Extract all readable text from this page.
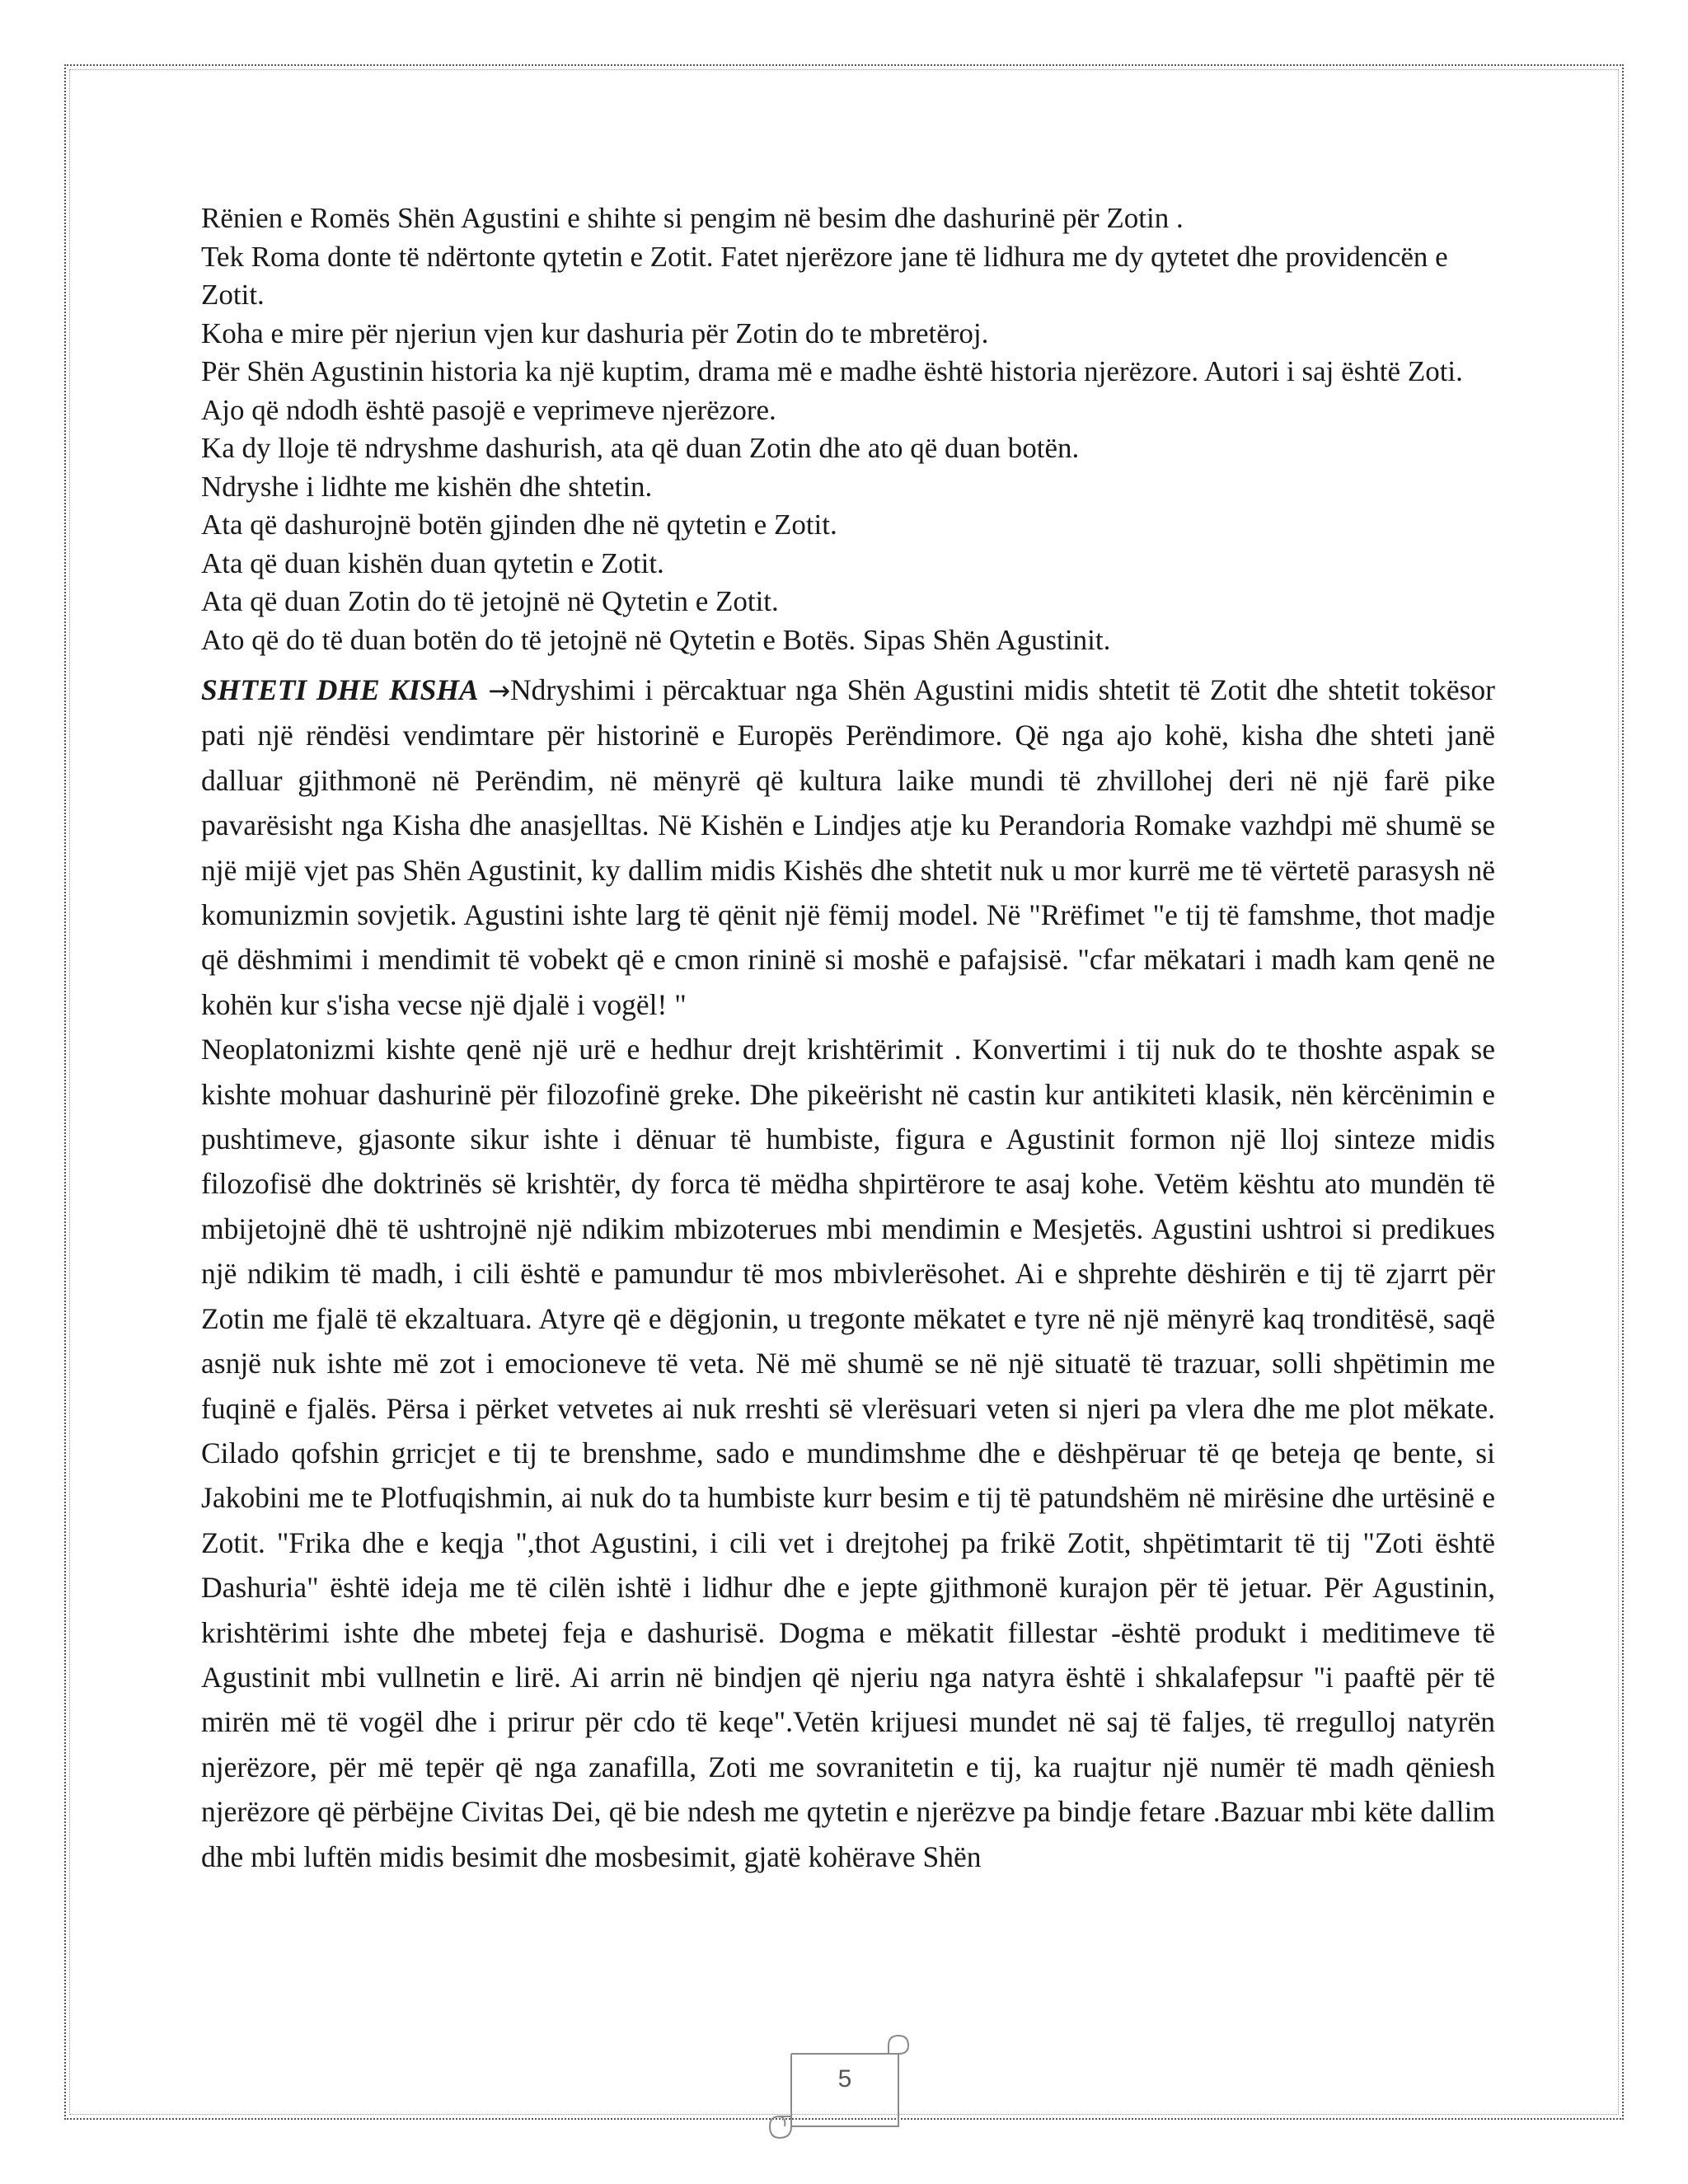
Rënien e Romës Shën Agustini e shihte si pengim në besim dhe dashurinë për Zotin .

Tek Roma donte të ndërtonte qytetin e Zotit. Fatet njerëzore jane të lidhura me dy qytetet dhe providencën e Zotit.

Koha e mire për njeriun vjen kur dashuria për Zotin do te mbretëroj.

Për Shën Agustinin historia ka një kuptim, drama më e madhe është historia njerëzore. Autori i saj është Zoti. Ajo që ndodh është pasojë e veprimeve njerëzore.

Ka dy lloje të ndryshme dashurish, ata që duan Zotin dhe ato që duan botën.

Ndryshe i lidhte me kishën dhe shtetin.

Ata që dashurojnë botën gjinden dhe në qytetin e Zotit.

Ata që duan kishën duan qytetin e Zotit.

Ata që duan Zotin do të jetojnë në Qytetin e Zotit.

Ato që do të duan botën do të jetojnë në Qytetin e Botës. Sipas Shën Agustinit.

SHTETI DHE KISHA →Ndryshimi i përcaktuar nga Shën Agustini midis shtetit të Zotit dhe shtetit tokësor pati një rëndësi vendimtare për historinë e Europës Perëndimore. Që nga ajo kohë, kisha dhe shteti janë dalluar gjithmonë në Perëndim, në mënyrë që kultura laike mundi të zhvillohej deri në një farë pike pavarësisht nga Kisha dhe anasjelltas. Në Kishën e Lindjes atje ku Perandoria Romake vazhdpi më shumë se një mijë vjet pas Shën Agustinit, ky dallim midis Kishës dhe shtetit nuk u mor kurrë me të vërtetë parasysh në komunizmin sovjetik. Agustini ishte larg të qënit një fëmij model. Në "Rrëfimet "e tij të famshme, thot madje që dëshmimi i mendimit të vobekt që e cmon rininë si moshë e pafajsisë. "cfar mëkatari i madh kam qenë ne kohën kur s'isha vecse një djalë i vogël! "
Neoplatonizmi kishte qenë një urë e hedhur drejt krishtërimit . Konvertimi i tij nuk do te thoshte aspak se kishte mohuar dashurinë për filozofinë greke. Dhe pikeërisht në castin kur antikiteti klasik, nën kërcënimin e pushtimeve, gjasonte sikur ishte i dënuar të humbiste, figura e Agustinit formon një lloj sinteze midis filozofisë dhe doktrinës së krishtër, dy forca të mëdha shpirtërore te asaj kohe. Vetëm kështu ato mundën të mbijetojnë dhë të ushtrojnë një ndikim mbizoterues mbi mendimin e Mesjetës. Agustini ushtroi si predikues një ndikim të madh, i cili është e pamundur të mos mbivlerësohet. Ai e shprehte dëshirën e tij të zjarrt për Zotin me fjalë të ekzaltuara. Atyre që e dëgjonin, u tregonte mëkatet e tyre në një mënyrë kaq tronditësë, saqë asnjë nuk ishte më zot i emocioneve të veta. Në më shumë se në një situatë të trazuar, solli shpëtimin me fuqinë e fjalës. Përsa i përket vetvetes ai nuk rreshti së vlerësuari veten si njeri pa vlera dhe me plot mëkate. Cilado qofshin grricjet e tij te brenshme, sado e mundimshme dhe e dëshpëruar të qe beteja qe bente, si Jakobini me te Plotfuqishmin, ai nuk do ta humbiste kurr besim e tij të patundshëm në mirësine dhe urtësinë e Zotit. "Frika dhe e keqja ",thot Agustini, i cili vet i drejtohej pa frikë Zotit, shpëtimtarit të tij "Zoti është Dashuria" është ideja me të cilën ishtë i lidhur dhe e jepte gjithmonë kurajon për të jetuar. Për Agustinin, krishtërimi ishte dhe mbetej feja e dashurisë. Dogma e mëkatit fillestar -është produkt i meditimeve të Agustinit mbi vullnetin e lirë. Ai arrin në bindjen që njeriu nga natyra është i shkalafepsur "i paaftë për të mirën më të vogël dhe i prirur për cdo të keqe".Vetën krijuesi mundet në saj të faljes, të rregulloj natyrën njerëzore, për më tepër që nga zanafilla, Zoti me sovranitetin e tij, ka ruajtur një numër të madh qëniesh njerëzore që përbëjne Civitas Dei, që bie ndesh me qytetin e njerëzve pa bindje fetare .Bazuar mbi këte dallim dhe mbi luftën midis besimit dhe mosbesimit, gjatë kohërave Shën
5
